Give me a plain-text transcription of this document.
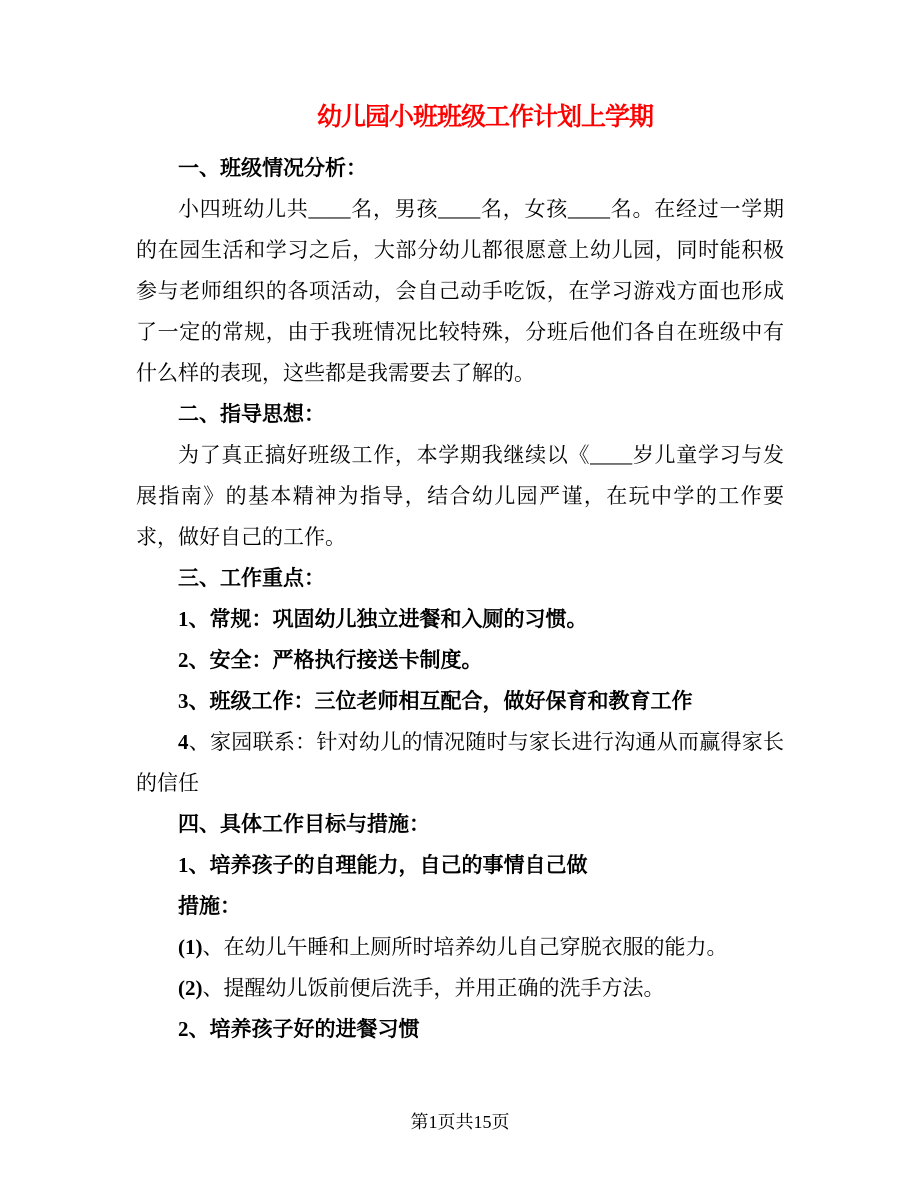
幼儿园小班班级工作计划上学期

一、班级情况分析：

小四班幼儿共____名，男孩____名，女孩____名。在经过一学期的在园生活和学习之后，大部分幼儿都很愿意上幼儿园，同时能积极参与老师组织的各项活动，会自己动手吃饭，在学习游戏方面也形成了一定的常规，由于我班情况比较特殊，分班后他们各自在班级中有什么样的表现，这些都是我需要去了解的。

二、指导思想：

为了真正搞好班级工作，本学期我继续以《____岁儿童学习与发展指南》的基本精神为指导，结合幼儿园严谨，在玩中学的工作要求，做好自己的工作。

三、工作重点：

1、常规：巩固幼儿独立进餐和入厕的习惯。

2、安全：严格执行接送卡制度。

3、班级工作：三位老师相互配合，做好保育和教育工作

4、家园联系：针对幼儿的情况随时与家长进行沟通从而赢得家长的信任

四、具体工作目标与措施：

1、培养孩子的自理能力，自己的事情自己做

措施：

(1)、在幼儿午睡和上厕所时培养幼儿自己穿脱衣服的能力。

(2)、提醒幼儿饭前便后洗手，并用正确的洗手方法。

2、培养孩子好的进餐习惯

第1页共15页
